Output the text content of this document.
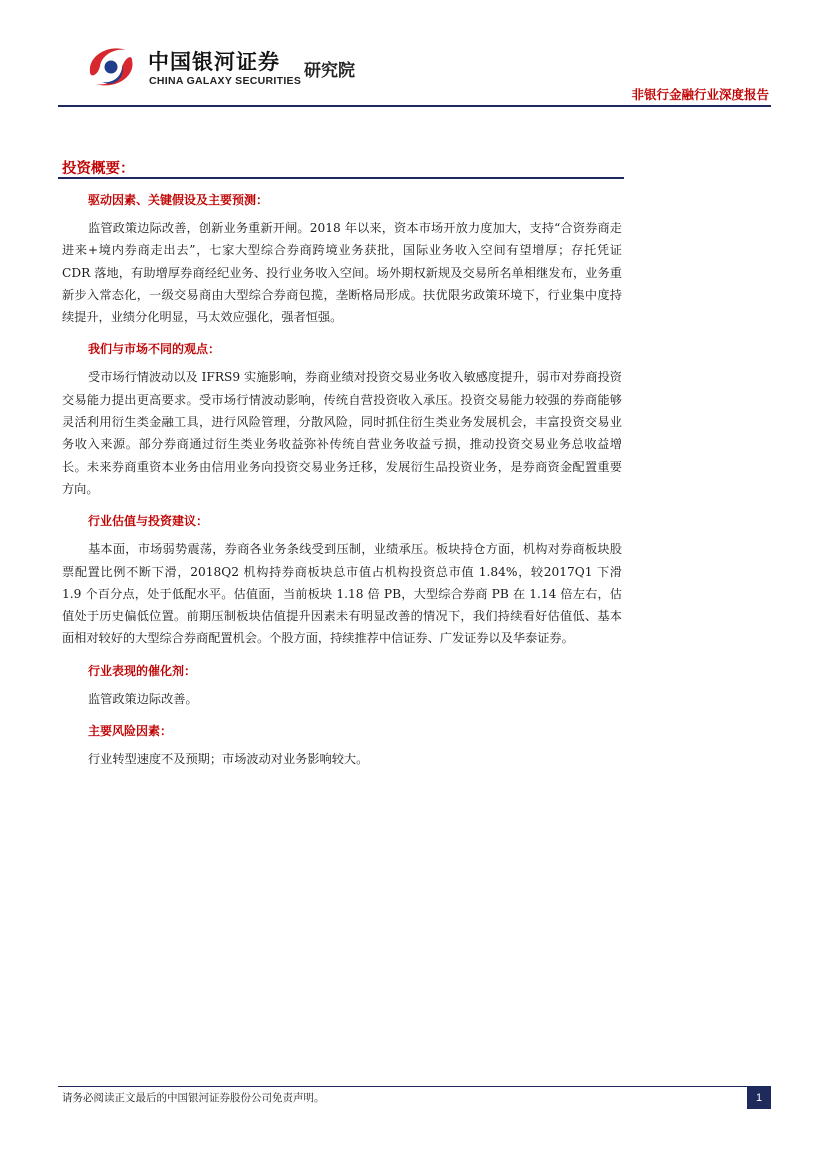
中国银河证券
CHINA GALAXY SECURITIES 研究院
非银行金融行业深度报告
投资概要：

驱动因素、关键假设及主要预测：

监管政策边际改善，创新业务重新开闸。2018 年以来，资本市场开放力度加大，支持“合资券商走进来+境内券商走出去”，七家大型综合券商跨境业务获批，国际业务收入空间有望增厚；存托凭证 CDR 落地，有助增厚券商经纪业务、投行业务收入空间。场外期权新规及交易所名单相继发布，业务重新步入常态化，一级交易商由大型综合券商包揽，垄断格局形成。扶优限劣政策环境下，行业集中度持续提升，业绩分化明显，马太效应强化，强者恒强。

我们与市场不同的观点：

受市场行情波动以及 IFRS9 实施影响，券商业绩对投资交易业务收入敏感度提升，弱市对券商投资交易能力提出更高要求。受市场行情波动影响，传统自营投资收入承压。投资交易能力较强的券商能够灵活利用衍生类金融工具，进行风险管理，分散风险，同时抓住衍生类业务发展机会，丰富投资交易业务收入来源。部分券商通过衍生类业务收益弥补传统自营业务收益亏损，推动投资交易业务总收益增长。未来券商重资本业务由信用业务向投资交易业务迁移，发展衍生品投资业务，是券商资金配置重要方向。

行业估值与投资建议：

基本面，市场弱势震荡，券商各业务条线受到压制，业绩承压。板块持仓方面，机构对券商板块股票配置比例不断下滑，2018Q2 机构持券商板块总市值占机构投资总市值 1.84%，较2017Q1 下滑 1.9 个百分点，处于低配水平。估值面，当前板块 1.18 倍 PB，大型综合券商 PB 在 1.14 倍左右，估值处于历史偏低位置。前期压制板块估值提升因素未有明显改善的情况下，我们持续看好估值低、基本面相对较好的大型综合券商配置机会。个股方面，持续推荐中信证券、广发证券以及华泰证券。

行业表现的催化剂：

监管政策边际改善。

主要风险因素：

行业转型速度不及预期；市场波动对业务影响较大。

请务必阅读正文最后的中国银河证券股份公司免责声明。	1
